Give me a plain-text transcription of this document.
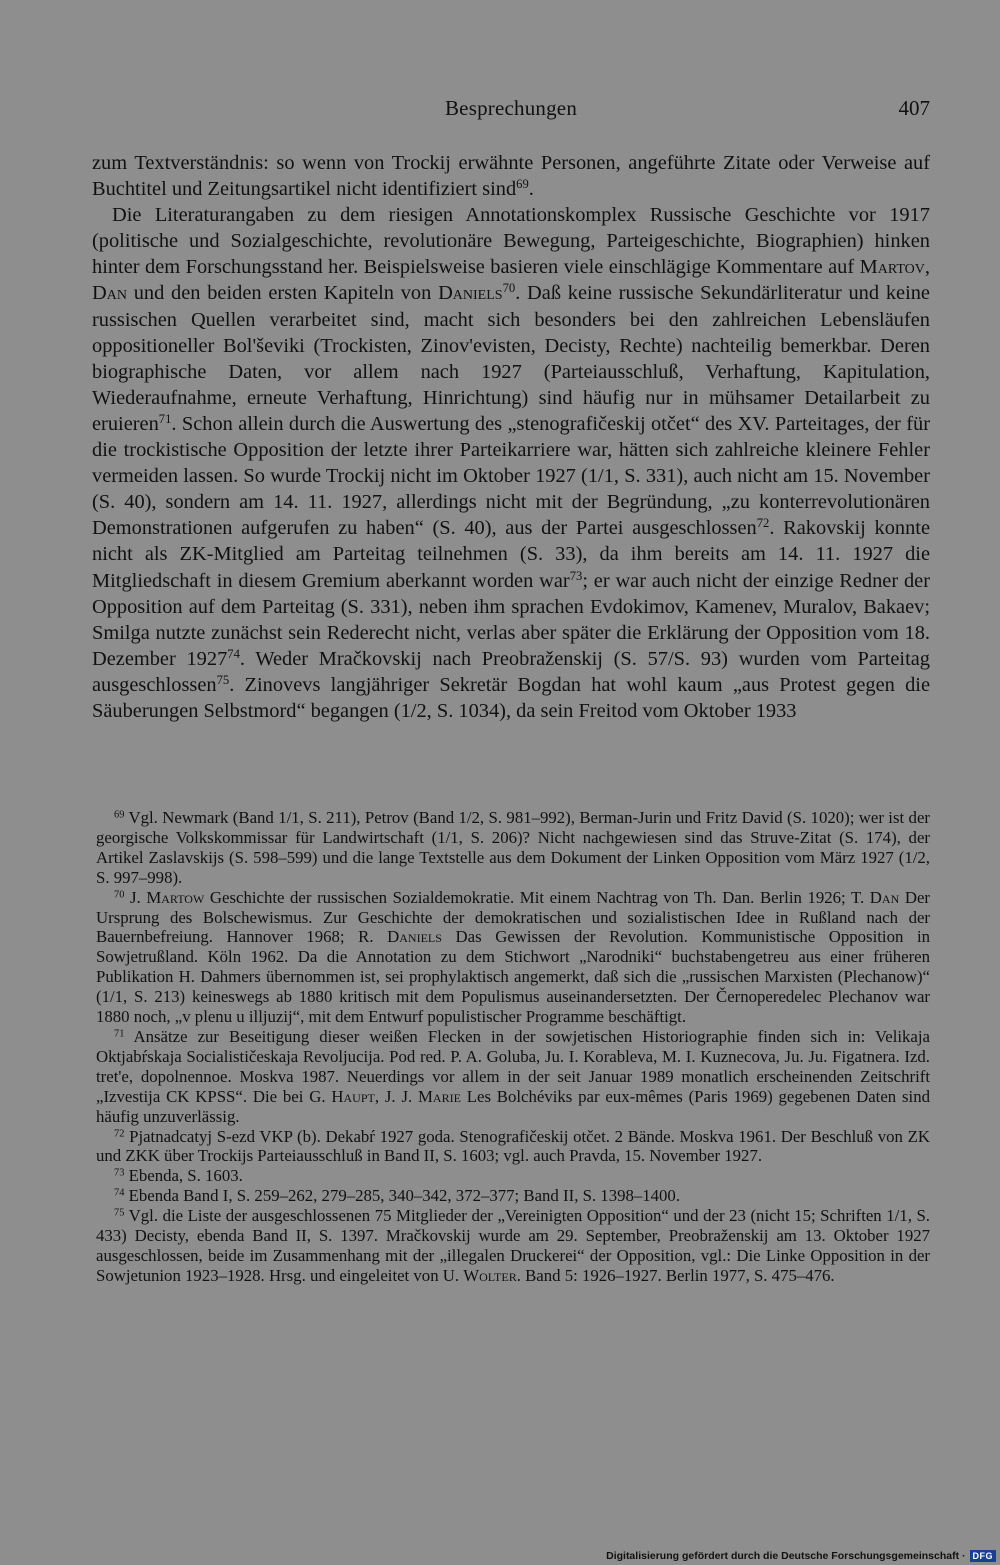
Besprechungen	407

zum Textverständnis: so wenn von Trockij erwähnte Personen, angeführte Zitate oder Verweise auf Buchtitel und Zeitungsartikel nicht identifiziert sind$^{69}$.

Die Literaturangaben zu dem riesigen Annotationskomplex Russische Geschichte vor 1917 (politische und Sozialgeschichte, revolutionäre Bewegung, Parteigeschichte, Biographien) hinken hinter dem Forschungsstand her. Beispielsweise basieren viele einschlägige Kommentare auf Martov, Dan und den beiden ersten Kapiteln von Daniels$^{70}$. Daß keine russische Sekundärliteratur und keine russischen Quellen verarbeitet sind, macht sich besonders bei den zahlreichen Lebensläufen oppositioneller Bol'ševiki (Trockisten, Zinov'evisten, Decisty, Rechte) nachteilig bemerkbar. Deren biographische Daten, vor allem nach 1927 (Parteiausschluß, Verhaftung, Kapitulation, Wiederaufnahme, erneute Verhaftung, Hinrichtung) sind häufig nur in mühsamer Detailarbeit zu eruieren$^{71}$. Schon allein durch die Auswertung des „stenografičeskij otčet“ des XV. Parteitages, der für die trockistische Opposition der letzte ihrer Parteikarriere war, hätten sich zahlreiche kleinere Fehler vermeiden lassen. So wurde Trockij nicht im Oktober 1927 (1/1, S. 331), auch nicht am 15. November (S. 40), sondern am 14. 11. 1927, allerdings nicht mit der Begründung, „zu konterrevolutionären Demonstrationen aufgerufen zu haben“ (S. 40), aus der Partei ausgeschlossen$^{72}$. Rakovskij konnte nicht als ZK-Mitglied am Parteitag teilnehmen (S. 33), da ihm bereits am 14. 11. 1927 die Mitgliedschaft in diesem Gremium aberkannt worden war$^{73}$; er war auch nicht der einzige Redner der Opposition auf dem Parteitag (S. 331), neben ihm sprachen Evdokimov, Kamenev, Muralov, Bakaev; Smilga nutzte zunächst sein Rederecht nicht, verlas aber später die Erklärung der Opposition vom 18. Dezember 1927$^{74}$. Weder Mračkovskij nach Preobraženskij (S. 57/S. 93) wurden vom Parteitag ausgeschlossen$^{75}$. Zinovevs langjähriger Sekretär Bogdan hat wohl kaum „aus Protest gegen die Säuberungen Selbstmord“ begangen (1/2, S. 1034), da sein Freitod vom Oktober 1933

$^{69}$ Vgl. Newmark (Band 1/1, S. 211), Petrov (Band 1/2, S. 981–992), Berman-Jurin und Fritz David (S. 1020); wer ist der georgische Volkskommissar für Landwirtschaft (1/1, S. 206)? Nicht nachgewiesen sind das Struve-Zitat (S. 174), der Artikel Zaslavskijs (S. 598–599) und die lange Textstelle aus dem Dokument der Linken Opposition vom März 1927 (1/2, S. 997–998).

$^{70}$ J. Martow Geschichte der russischen Sozialdemokratie. Mit einem Nachtrag von Th. Dan. Berlin 1926; T. Dan Der Ursprung des Bolschewismus. Zur Geschichte der demokratischen und sozialistischen Idee in Rußland nach der Bauernbefreiung. Hannover 1968; R. Daniels Das Gewissen der Revolution. Kommunistische Opposition in Sowjetrußland. Köln 1962. Da die Annotation zu dem Stichwort „Narodniki“ buchstabengetreu aus einer früheren Publikation H. Dahmers übernommen ist, sei prophylaktisch angemerkt, daß sich die „russischen Marxisten (Plechanow)“ (1/1, S. 213) keineswegs ab 1880 kritisch mit dem Populismus auseinandersetzten. Der Černoperedelec Plechanov war 1880 noch, „v plenu u illjuzij“, mit dem Entwurf populistischer Programme beschäftigt.

$^{71}$ Ansätze zur Beseitigung dieser weißen Flecken in der sowjetischen Historiographie finden sich in: Velikaja Oktjabŕskaja Socialističeskaja Revoljucija. Pod red. P. A. Goluba, Ju. I. Korableva, M. I. Kuznecova, Ju. Ju. Figatnera. Izd. tret'e, dopolnennoe. Moskva 1987. Neuerdings vor allem in der seit Januar 1989 monatlich erscheinenden Zeitschrift „Izvestija CK KPSS“. Die bei G. Haupt, J. J. Marie Les Bolchéviks par eux-mêmes (Paris 1969) gegebenen Daten sind häufig unzuverlässig.

$^{72}$ Pjatnadcatyj S-ezd VKP (b). Dekabŕ 1927 goda. Stenografičeskij otčet. 2 Bände. Moskva 1961. Der Beschluß von ZK und ZKK über Trockijs Parteiausschluß in Band II, S. 1603; vgl. auch Pravda, 15. November 1927.

$^{73}$ Ebenda, S. 1603.

$^{74}$ Ebenda Band I, S. 259–262, 279–285, 340–342, 372–377; Band II, S. 1398–1400.

$^{75}$ Vgl. die Liste der ausgeschlossenen 75 Mitglieder der „Vereinigten Opposition“ und der 23 (nicht 15; Schriften 1/1, S. 433) Decisty, ebenda Band II, S. 1397. Mračkovskij wurde am 29. September, Preobraženskij am 13. Oktober 1927 ausgeschlossen, beide im Zusammenhang mit der „illegalen Druckerei“ der Opposition, vgl.: Die Linke Opposition in der Sowjetunion 1923–1928. Hrsg. und eingeleitet von U. Wolter. Band 5: 1926–1927. Berlin 1977, S. 475–476.

Digitalisierung gefördert durch die Deutsche Forschungsgemeinschaft · DFG
